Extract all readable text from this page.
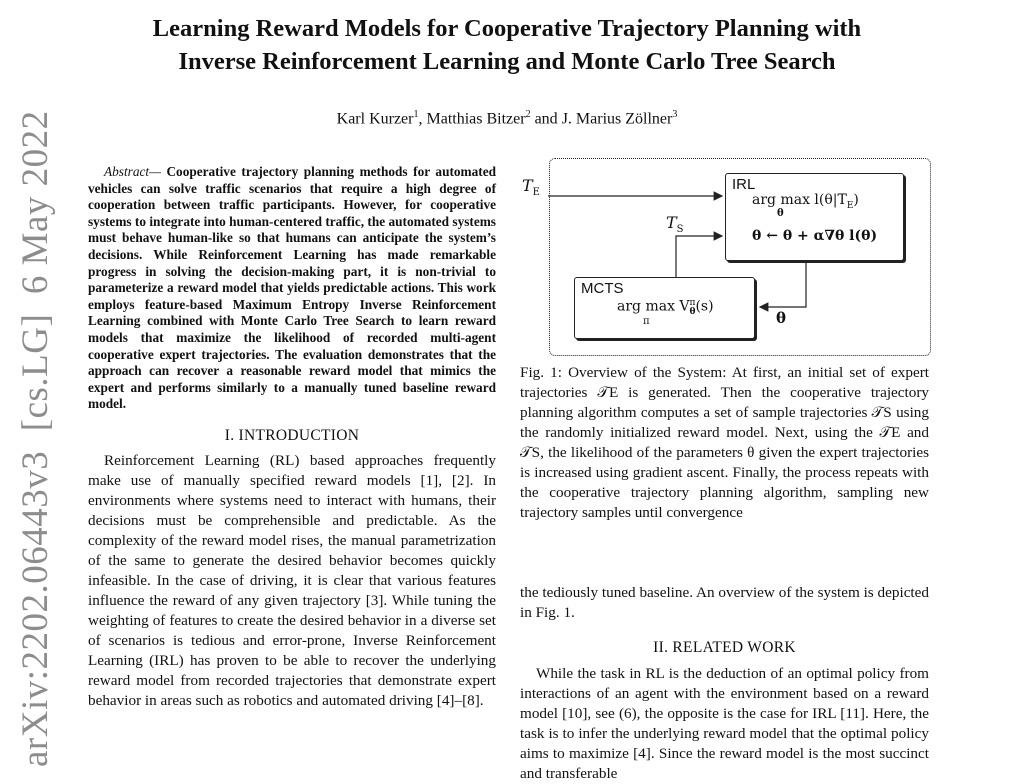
Learning Reward Models for Cooperative Trajectory Planning with
Inverse Reinforcement Learning and Monte Carlo Tree Search
Karl Kurzer$^1$, Matthias Bitzer$^2$ and J. Marius Zöllner$^3$
arXiv:2202.06443v3  [cs.LG]  6 May 2022	Abstract— Cooperative trajectory planning methods for automated vehicles can solve traffic scenarios that require a high degree of cooperation between traffic participants. However, for cooperative systems to integrate into human-centered traffic, the automated systems must behave human-like so that humans can anticipate the system’s decisions. While Reinforcement Learning has made remarkable progress in solving the decision-making part, it is non-trivial to parameterize a reward model that yields predictable actions. This work employs feature-based Maximum Entropy Inverse Reinforcement Learning combined with Monte Carlo Tree Search to learn reward models that maximize the likelihood of recorded multi-agent cooperative expert trajectories. The evaluation demonstrates that the approach can recover a reasonable reward model that mimics the expert and performs similarly to a manually tuned baseline reward model.

I. INTRODUCTION

Reinforcement Learning (RL) based approaches frequently make use of manually specified reward models [1], [2]. In environments where systems need to interact with humans, their decisions must be comprehensible and predictable. As the complexity of the reward model rises, the manual parametrization of the same to generate the desired behavior becomes quickly infeasible. In the case of driving, it is clear that various features influence the reward of any given trajectory [3]. While tuning the weighting of features to create the desired behavior in a diverse set of scenarios is tedious and error-prone, Inverse Reinforcement Learning (IRL) has proven to be able to recover the underlying reward model from recorded trajectories that demonstrate expert behavior in areas such as robotics and automated driving [4]–[8].

$T_E$
$T_S$
IRL
arg $\max l(\theta|T_E)$
θ
θ ← θ + α∇θ l(θ)
MCTS
arg $\max V^\pi_\theta(s)$
π	θ

Fig. 1: Overview of the System: At first, an initial set of expert trajectories 𝒯E is generated. Then the cooperative trajectory planning algorithm computes a set of sample trajectories 𝒯S using the randomly initialized reward model. Next, using the 𝒯E and 𝒯S, the likelihood of the parameters θ given the expert trajectories is increased using gradient ascent. Finally, the process repeats with the cooperative trajectory planning algorithm, sampling new trajectory samples until convergence

the tediously tuned baseline. An overview of the system is depicted in Fig. 1.

II. RELATED WORK

While the task in RL is the deduction of an optimal policy from interactions of an agent with the environment based on a reward model [10], see (6), the opposite is the case for IRL [11]. Here, the task is to infer the underlying reward model that the optimal policy aims to maximize [4]. Since the reward model is the most succinct and transferable
